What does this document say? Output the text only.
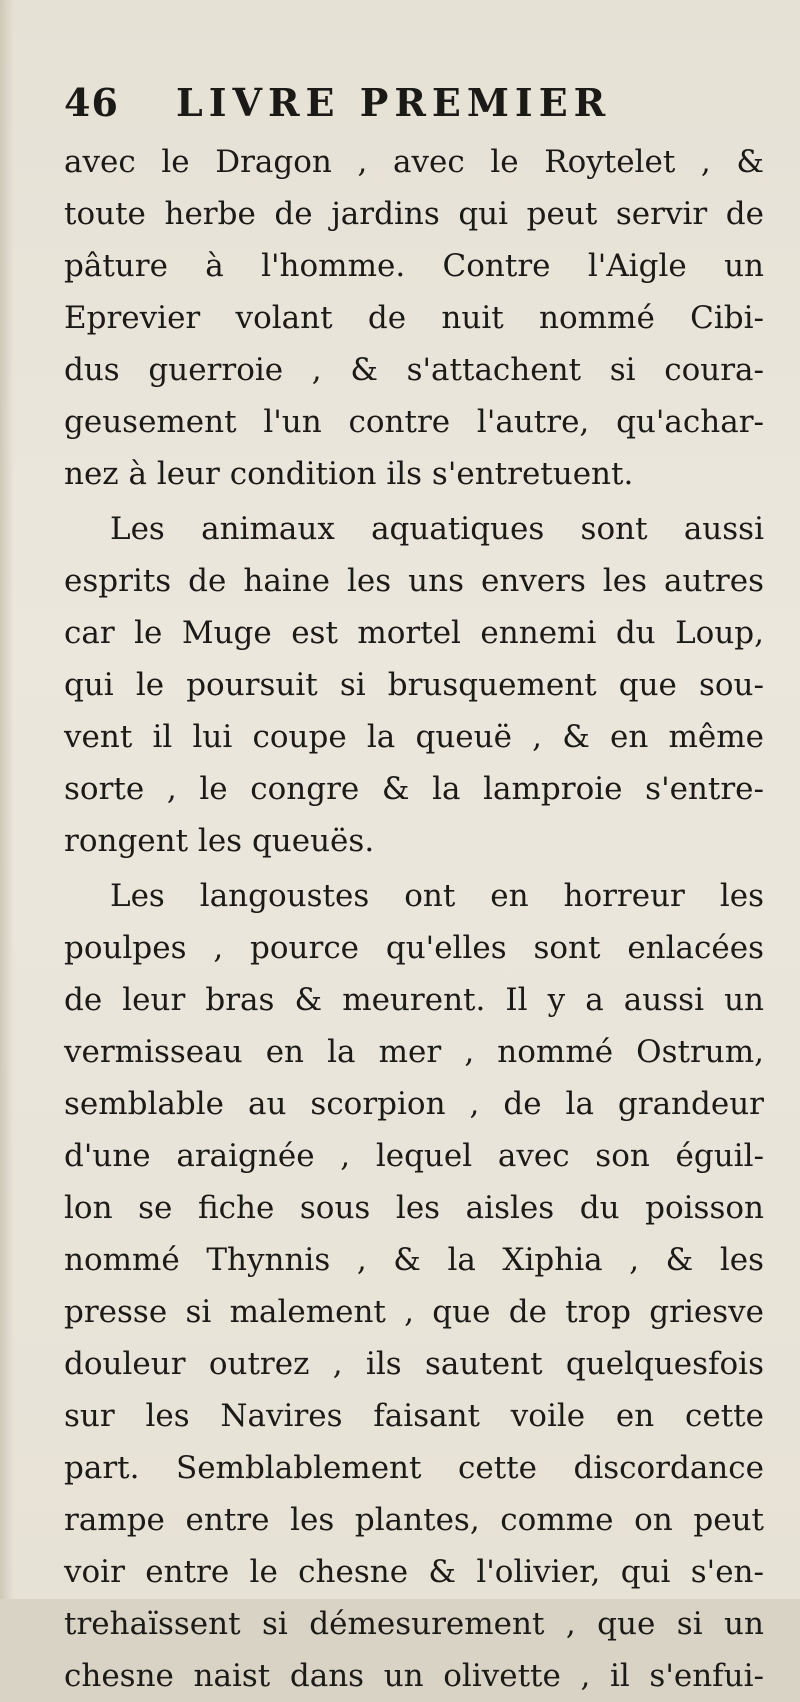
46	LIVRE PREMIER
avec le Dragon , avec le Roytelet , &
toute herbe de jardins qui peut servir de
pâture à l'homme. Contre l'Aigle un
Eprevier volant de nuit nommé Cibi-
dus guerroie , & s'attachent si coura-
geusement l'un contre l'autre, qu'achar-
nez à leur condition ils s'entretuent.
Les animaux aquatiques sont aussi
esprits de haine les uns envers les autres
car le Muge est mortel ennemi du Loup,
qui le poursuit si brusquement que sou-
vent il lui coupe la queuë , & en même
sorte , le congre & la lamproie s'entre-
rongent les queuës.
Les langoustes ont en horreur les
poulpes , pource qu'elles sont enlacées
de leur bras & meurent. Il y a aussi un
vermisseau en la mer , nommé Ostrum,
semblable au scorpion , de la grandeur
d'une araignée , lequel avec son éguil-
lon se fiche sous les aisles du poisson
nommé Thynnis , & la Xiphia , & les
presse si malement , que de trop griesve
douleur outrez , ils sautent quelquesfois
sur les Navires faisant voile en cette
part. Semblablement cette discordance
rampe entre les plantes, comme on peut
voir entre le chesne & l'olivier, qui s'en-
trehaïssent si démesurement , que si un
chesne naist dans un olivette , il s'enfui-
